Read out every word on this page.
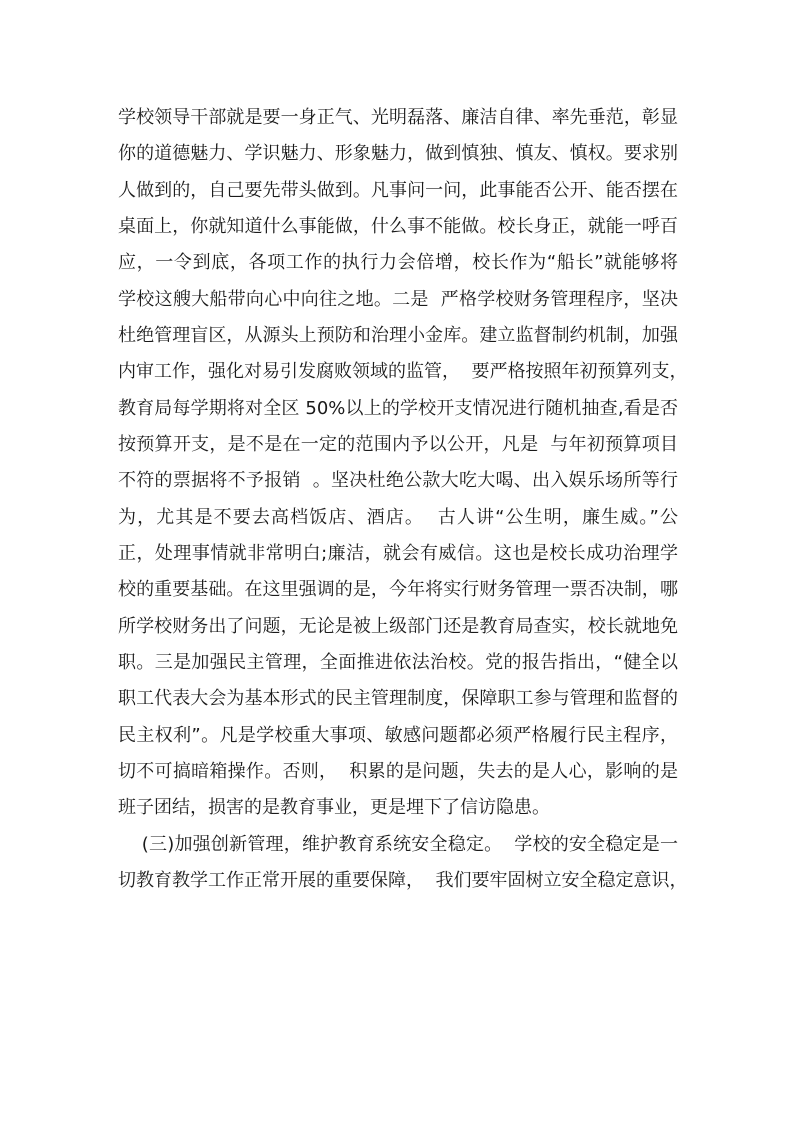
学校领导干部就是要一身正气、光明磊落、廉洁自律、率先垂范，彰显
你的道德魅力、学识魅力、形象魅力，做到慎独、慎友、慎权。要求别
人做到的，自己要先带头做到。凡事问一问，此事能否公开、能否摆在
桌面上，你就知道什么事能做，什么事不能做。校长身正，就能一呼百
应，一令到底，各项工作的执行力会倍增，校长作为“船长”就能够将
学校这艘大船带向心中向往之地。二是  严格学校财务管理程序，坚决
杜绝管理盲区，从源头上预防和治理小金库。建立监督制约机制，加强
内审工作，强化对易引发腐败领域的监管，  要严格按照年初预算列支，
教育局每学期将对全区 50%以上的学校开支情况进行随机抽查,看是否
按预算开支，是不是在一定的范围内予以公开，凡是  与年初预算项目
不符的票据将不予报销  。坚决杜绝公款大吃大喝、出入娱乐场所等行
为，尤其是不要去高档饭店、酒店。  古人讲“公生明，廉生威。”公
正，处理事情就非常明白;廉洁，就会有威信。这也是校长成功治理学
校的重要基础。在这里强调的是，今年将实行财务管理一票否决制，哪
所学校财务出了问题，无论是被上级部门还是教育局查实，校长就地免
职。三是加强民主管理，全面推进依法治校。党的报告指出，“健全以
职工代表大会为基本形式的民主管理制度，保障职工参与管理和监督的
民主权利”。凡是学校重大事项、敏感问题都必须严格履行民主程序，
切不可搞暗箱操作。否则，  积累的是问题，失去的是人心，影响的是
班子团结，损害的是教育事业，更是埋下了信访隐患。
(三)加强创新管理，维护教育系统安全稳定。  学校的安全稳定是一
切教育教学工作正常开展的重要保障，  我们要牢固树立安全稳定意识，
